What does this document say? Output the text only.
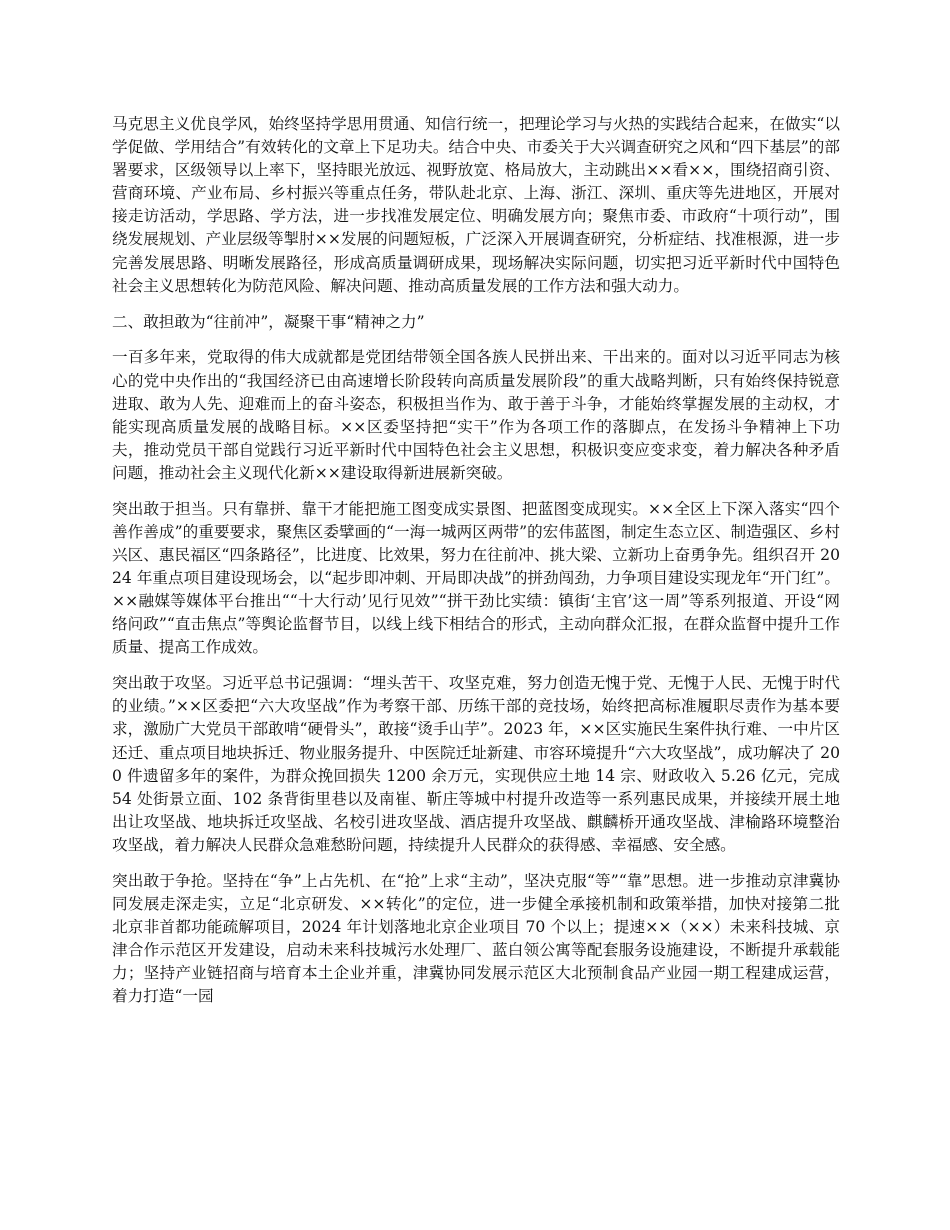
马克思主义优良学风，始终坚持学思用贯通、知信行统一，把理论学习与火热的实践结合起来，在做实“以学促做、学用结合”有效转化的文章上下足功夫。结合中央、市委关于大兴调查研究之风和“四下基层”的部署要求，区级领导以上率下，坚持眼光放远、视野放宽、格局放大，主动跳出××看××，围绕招商引资、营商环境、产业布局、乡村振兴等重点任务，带队赴北京、上海、浙江、深圳、重庆等先进地区，开展对接走访活动，学思路、学方法，进一步找准发展定位、明确发展方向；聚焦市委、市政府“十项行动”，围绕发展规划、产业层级等掣肘××发展的问题短板，广泛深入开展调查研究，分析症结、找准根源，进一步完善发展思路、明晰发展路径，形成高质量调研成果，现场解决实际问题，切实把习近平新时代中国特色社会主义思想转化为防范风险、解决问题、推动高质量发展的工作方法和强大动力。

二、敢担敢为“往前冲”，凝聚干事“精神之力”

一百多年来，党取得的伟大成就都是党团结带领全国各族人民拼出来、干出来的。面对以习近平同志为核心的党中央作出的“我国经济已由高速增长阶段转向高质量发展阶段”的重大战略判断，只有始终保持锐意进取、敢为人先、迎难而上的奋斗姿态，积极担当作为、敢于善于斗争，才能始终掌握发展的主动权，才能实现高质量发展的战略目标。××区委坚持把“实干”作为各项工作的落脚点，在发扬斗争精神上下功夫，推动党员干部自觉践行习近平新时代中国特色社会主义思想，积极识变应变求变，着力解决各种矛盾问题，推动社会主义现代化新××建设取得新进展新突破。

突出敢于担当。只有靠拼、靠干才能把施工图变成实景图、把蓝图变成现实。××全区上下深入落实“四个善作善成”的重要要求，聚焦区委擘画的“一海一城两区两带”的宏伟蓝图，制定生态立区、制造强区、乡村兴区、惠民福区“四条路径”，比进度、比效果，努力在往前冲、挑大梁、立新功上奋勇争先。组织召开 2024 年重点项目建设现场会，以“起步即冲刺、开局即决战”的拼劲闯劲，力争项目建设实现龙年“开门红”。××融媒等媒体平台推出““十大行动’见行见效”“拼干劲比实绩：镇街‘主官’这一周”等系列报道、开设“网络问政”“直击焦点”等舆论监督节目，以线上线下相结合的形式，主动向群众汇报，在群众监督中提升工作质量、提高工作成效。

突出敢于攻坚。习近平总书记强调：“埋头苦干、攻坚克难，努力创造无愧于党、无愧于人民、无愧于时代的业绩。”××区委把“六大攻坚战”作为考察干部、历练干部的竞技场，始终把高标准履职尽责作为基本要求，激励广大党员干部敢啃“硬骨头”，敢接“烫手山芋”。2023 年，××区实施民生案件执行难、一中片区还迁、重点项目地块拆迁、物业服务提升、中医院迁址新建、市容环境提升“六大攻坚战”，成功解决了 200 件遗留多年的案件，为群众挽回损失 1200 余万元，实现供应土地 14 宗、财政收入 5.26 亿元，完成 54 处街景立面、102 条背街里巷以及南崔、靳庄等城中村提升改造等一系列惠民成果，并接续开展土地出让攻坚战、地块拆迁攻坚战、名校引进攻坚战、酒店提升攻坚战、麒麟桥开通攻坚战、津榆路环境整治攻坚战，着力解决人民群众急难愁盼问题，持续提升人民群众的获得感、幸福感、安全感。

突出敢于争抢。坚持在“争”上占先机、在“抢”上求“主动”，坚决克服“等”“靠”思想。进一步推动京津冀协同发展走深走实，立足“北京研发、××转化”的定位，进一步健全承接机制和政策举措，加快对接第二批北京非首都功能疏解项目，2024 年计划落地北京企业项目 70 个以上；提速××（××）未来科技城、京津合作示范区开发建设，启动未来科技城污水处理厂、蓝白领公寓等配套服务设施建设，不断提升承载能力；坚持产业链招商与培育本土企业并重，津冀协同发展示范区大北预制食品产业园一期工程建成运营，着力打造“一园
